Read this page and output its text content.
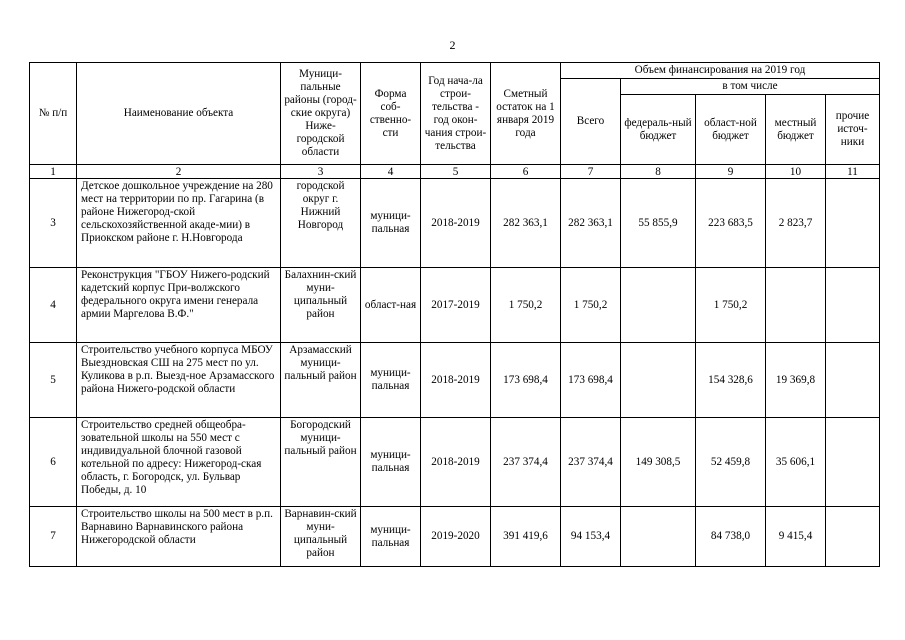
2
№ п/п	Наименование объекта	Муници-пальные районы (город-ские округа) Ниже-городской области	Форма соб-ственно-сти	Год нача-ла строи-тельства - год окон-чания строи-тельства	Сметный остаток на 1 января 2019 года	Объем финансирования на 2019 год				
						Всего	в том числе			
							федераль-ный бюджет	област-ной бюджет	местный бюджет	прочие источ-ники
1	2	3	4	5	6	7	8	9	10	11
3	Детское дошкольное учреждение на 280 мест на территории по пр. Гагарина (в районе Нижегород-ской сельскохозяйственной акаде-мии) в Приокском районе г. Н.Новгорода	городской округ г. Нижний Новгород	муници-пальная	2018-2019	282 363,1	282 363,1	55 855,9	223 683,5	2 823,7	
4	Реконструкция "ГБОУ Нижего-родский кадетский корпус При-волжского федерального округа имени генерала армии Маргелова В.Ф."	Балахнин-ский муни-ципальный район	област-ная	2017-2019	1 750,2	1 750,2		1 750,2		
5	Строительство учебного корпуса МБОУ Выездновская СШ на 275 мест по ул. Куликова в р.п. Выезд-ное Арзамасского района Нижего-родской области	Арзамасский муници-пальный район	муници-пальная	2018-2019	173 698,4	173 698,4		154 328,6	19 369,8	
6	Строительство средней общеобра-зовательной школы на 550 мест с индивидуальной блочной газовой котельной по адресу: Нижегород-ская область, г. Богородск, ул. Бульвар Победы, д. 10	Богородский муници-пальный район	муници-пальная	2018-2019	237 374,4	237 374,4	149 308,5	52 459,8	35 606,1	
7	Строительство школы на 500 мест в р.п. Варнавино Варнавинского района Нижегородской области	Варнавин-ский муни-ципальный район	муници-пальная	2019-2020	391 419,6	94 153,4		84 738,0	9 415,4	
